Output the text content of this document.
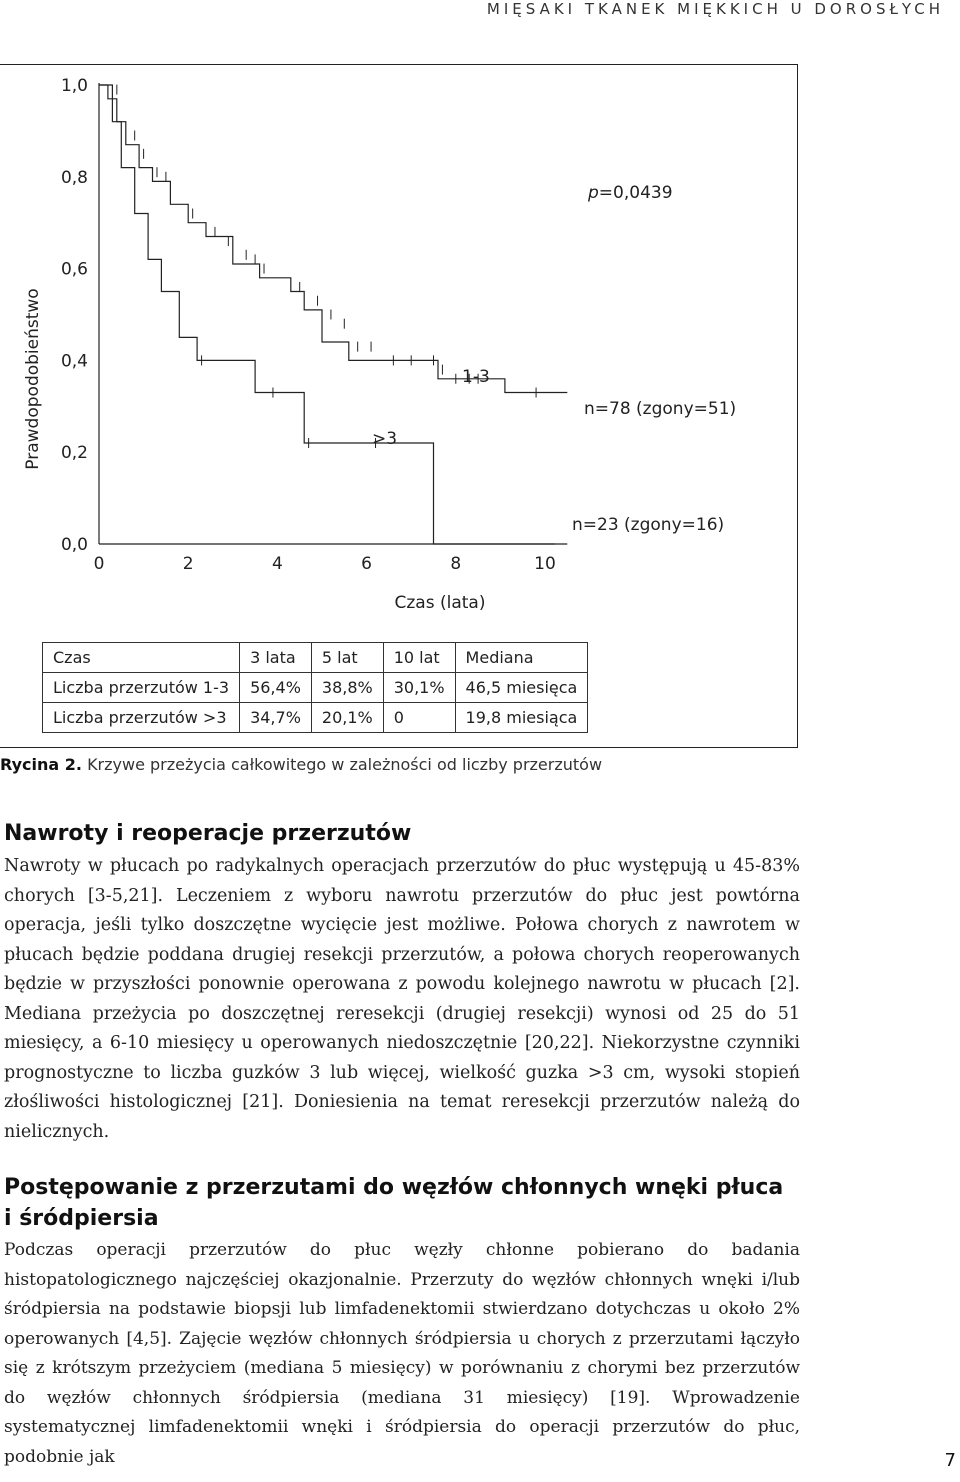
MIĘSAKI TKANEK MIĘKKICH U DOROSŁYCH
0,0
0,2
0,4
0,6
0,8
1,0
0	2	4	6	8	10
Prawdopodobieństwo
Czas (lata)
p=0,0439
1-3
>3
n=78 (zgony=51)
n=23 (zgony=16)
Czas	3 lata	5 lat	10 lat	Mediana
Liczba przerzutów 1-3	56,4%	38,8%	30,1%	46,5 miesięca
Liczba przerzutów >3	34,7%	20,1%	0	19,8 miesiąca
Rycina 2. Krzywe przeżycia całkowitego w zależności od liczby przerzutów
Nawroty i reoperacje przerzutów

Nawroty w płucach po radykalnych operacjach przerzutów do płuc występują u 45-83% chorych [3-5,21]. Leczeniem z wyboru nawrotu przerzutów do płuc jest powtórna operacja, jeśli tylko doszczętne wycięcie jest możliwe. Połowa chorych z nawrotem w płucach będzie poddana drugiej resekcji przerzutów, a połowa chorych reoperowanych będzie w przyszłości ponownie operowana z powodu kolejnego nawrotu w płucach [2]. Mediana przeżycia po doszczętnej reresekcji (drugiej resekcji) wynosi od 25 do 51 miesięcy, a 6-10 miesięcy u operowanych niedoszczętnie [20,22]. Niekorzystne czynniki prognostyczne to liczba guzków 3 lub więcej, wielkość guzka >3 cm, wysoki stopień złośliwości histologicznej [21]. Doniesienia na temat reresekcji przerzutów należą do nielicznych.

Postępowanie z przerzutami do węzłów chłonnych wnęki płuca
i śródpiersia

Podczas operacji przerzutów do płuc węzły chłonne pobierano do badania histopatologicznego najczęściej okazjonalnie. Przerzuty do węzłów chłonnych wnęki i/lub śródpiersia na podstawie biopsji lub limfadenektomii stwierdzano dotychczas u około 2% operowanych [4,5]. Zajęcie węzłów chłonnych śródpiersia u chorych z przerzutami łączyło się z krótszym przeżyciem (mediana 5 miesięcy) w porównaniu z chorymi bez przerzutów do węzłów chłonnych śródpiersia (mediana 31 miesięcy) [19]. Wprowadzenie systematycznej limfadenektomii wnęki i śródpiersia do operacji przerzutów do płuc, podobnie jak	7
